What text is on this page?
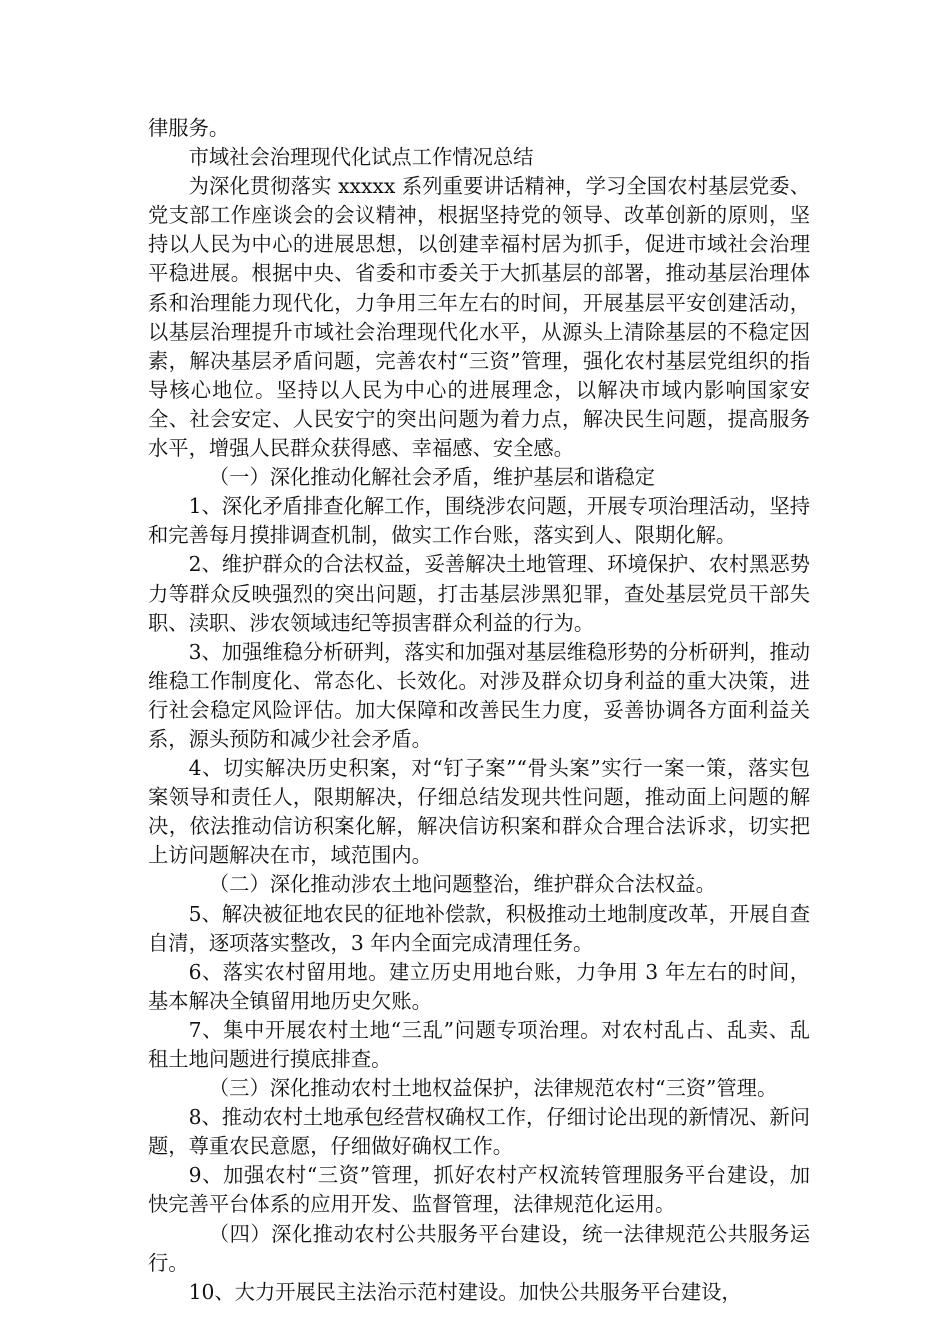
律服务。

市域社会治理现代化试点工作情况总结

为深化贯彻落实 xxxxx 系列重要讲话精神，学习全国农村基层党委、党支部工作座谈会的会议精神，根据坚持党的领导、改革创新的原则，坚持以人民为中心的进展思想，以创建幸福村居为抓手，促进市域社会治理平稳进展。根据中央、省委和市委关于大抓基层的部署，推动基层治理体系和治理能力现代化，力争用三年左右的时间，开展基层平安创建活动，以基层治理提升市域社会治理现代化水平，从源头上清除基层的不稳定因素，解决基层矛盾问题，完善农村“三资”管理，强化农村基层党组织的指导核心地位。坚持以人民为中心的进展理念，以解决市域内影响国家安全、社会安定、人民安宁的突出问题为着力点，解决民生问题，提高服务水平，增强人民群众获得感、幸福感、安全感。

（一）深化推动化解社会矛盾，维护基层和谐稳定

1、深化矛盾排查化解工作，围绕涉农问题，开展专项治理活动，坚持和完善每月摸排调查机制，做实工作台账，落实到人、限期化解。

2、维护群众的合法权益，妥善解决土地管理、环境保护、农村黑恶势力等群众反映强烈的突出问题，打击基层涉黑犯罪，查处基层党员干部失职、渎职、涉农领域违纪等损害群众利益的行为。

3、加强维稳分析研判，落实和加强对基层维稳形势的分析研判，推动维稳工作制度化、常态化、长效化。对涉及群众切身利益的重大决策，进行社会稳定风险评估。加大保障和改善民生力度，妥善协调各方面利益关系，源头预防和减少社会矛盾。

4、切实解决历史积案，对“钉子案”“骨头案”实行一案一策，落实包案领导和责任人，限期解决，仔细总结发现共性问题，推动面上问题的解决，依法推动信访积案化解，解决信访积案和群众合理合法诉求，切实把上访问题解决在市，域范围内。

（二）深化推动涉农土地问题整治，维护群众合法权益。

5、解决被征地农民的征地补偿款，积极推动土地制度改革，开展自查自清，逐项落实整改，3 年内全面完成清理任务。

6、落实农村留用地。建立历史用地台账，力争用 3 年左右的时间，基本解决全镇留用地历史欠账。

7、集中开展农村土地“三乱”问题专项治理。对农村乱占、乱卖、乱租土地问题进行摸底排查。

（三）深化推动农村土地权益保护，法律规范农村“三资”管理。

8、推动农村土地承包经营权确权工作，仔细讨论出现的新情况、新问题，尊重农民意愿，仔细做好确权工作。

9、加强农村“三资”管理，抓好农村产权流转管理服务平台建设，加快完善平台体系的应用开发、监督管理，法律规范化运用。

（四）深化推动农村公共服务平台建设，统一法律规范公共服务运行。

10、大力开展民主法治示范村建设。加快公共服务平台建设，
